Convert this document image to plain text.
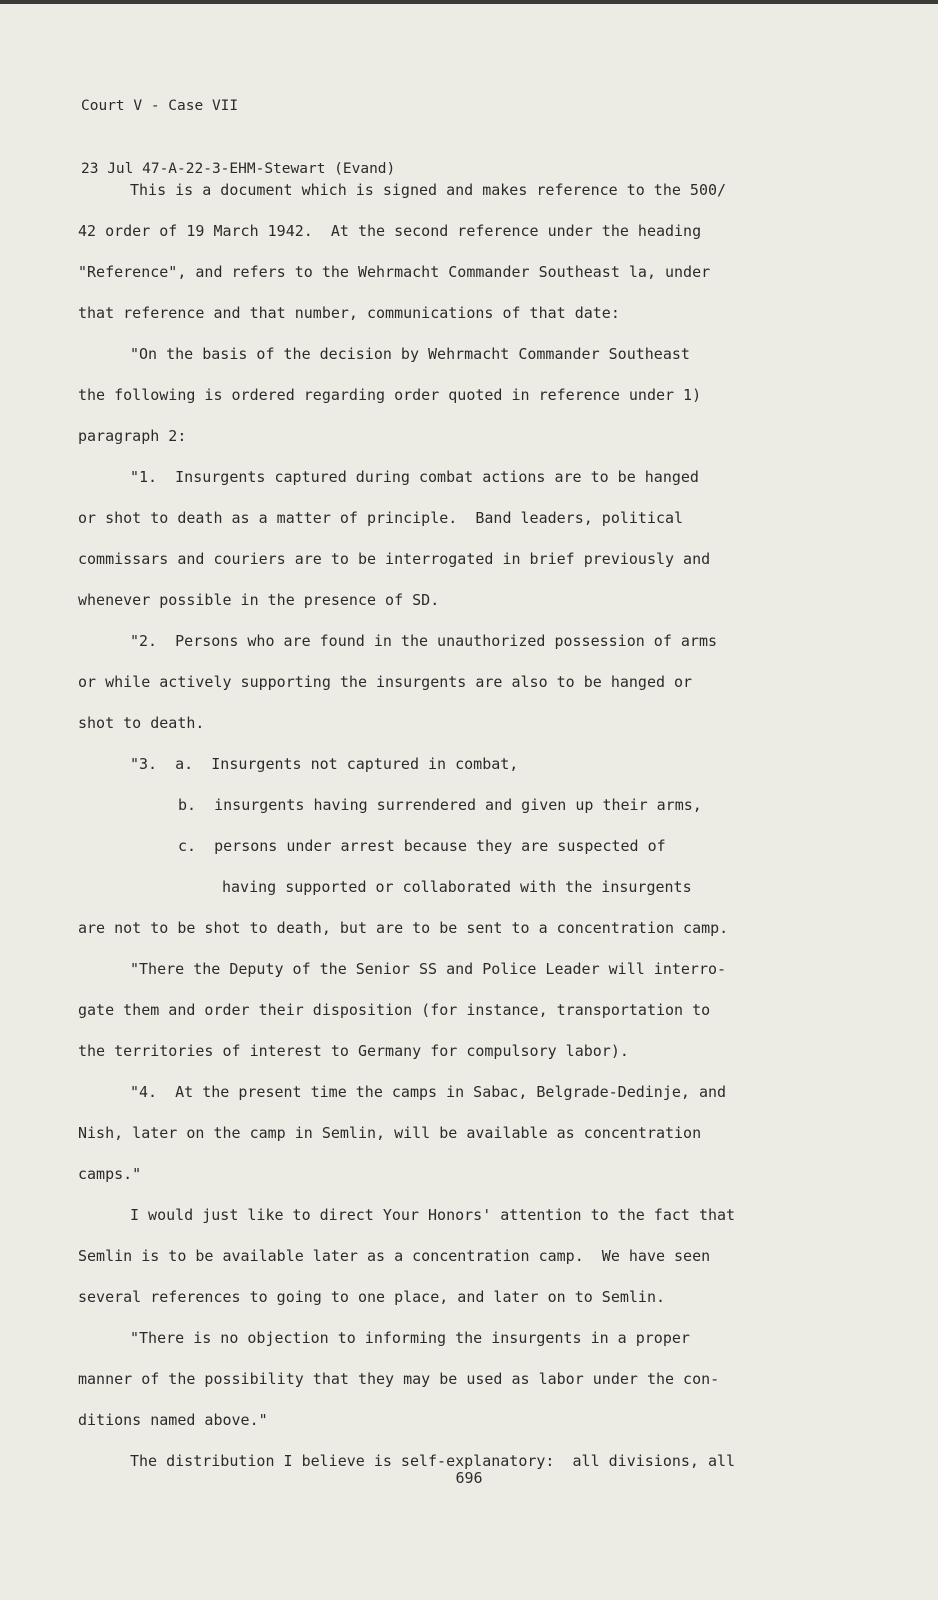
Court V - Case VII

23 Jul 47-A-22-3-EHM-Stewart (Evand)

This is a document which is signed and makes reference to the 500/
42 order of 19 March 1942.  At the second reference under the heading
"Reference", and refers to the Wehrmacht Commander Southeast la, under
that reference and that number, communications of that date:
"On the basis of the decision by Wehrmacht Commander Southeast
the following is ordered regarding order quoted in reference under 1)
paragraph 2:
"1.  Insurgents captured during combat actions are to be hanged
or shot to death as a matter of principle.  Band leaders, political
commissars and couriers are to be interrogated in brief previously and
whenever possible in the presence of SD.
"2.  Persons who are found in the unauthorized possession of arms
or while actively supporting the insurgents are also to be hanged or
shot to death.
"3.  a.  Insurgents not captured in combat,
b.  insurgents having surrendered and given up their arms,
c.  persons under arrest because they are suspected of
having supported or collaborated with the insurgents
are not to be shot to death, but are to be sent to a concentration camp.
"There the Deputy of the Senior SS and Police Leader will interro-
gate them and order their disposition (for instance, transportation to
the territories of interest to Germany for compulsory labor).
"4.  At the present time the camps in Sabac, Belgrade-Dedinje, and
Nish, later on the camp in Semlin, will be available as concentration
camps."
I would just like to direct Your Honors' attention to the fact that
Semlin is to be available later as a concentration camp.  We have seen
several references to going to one place, and later on to Semlin.
"There is no objection to informing the insurgents in a proper
manner of the possibility that they may be used as labor under the con-
ditions named above."
The distribution I believe is self-explanatory:  all divisions, all
696
